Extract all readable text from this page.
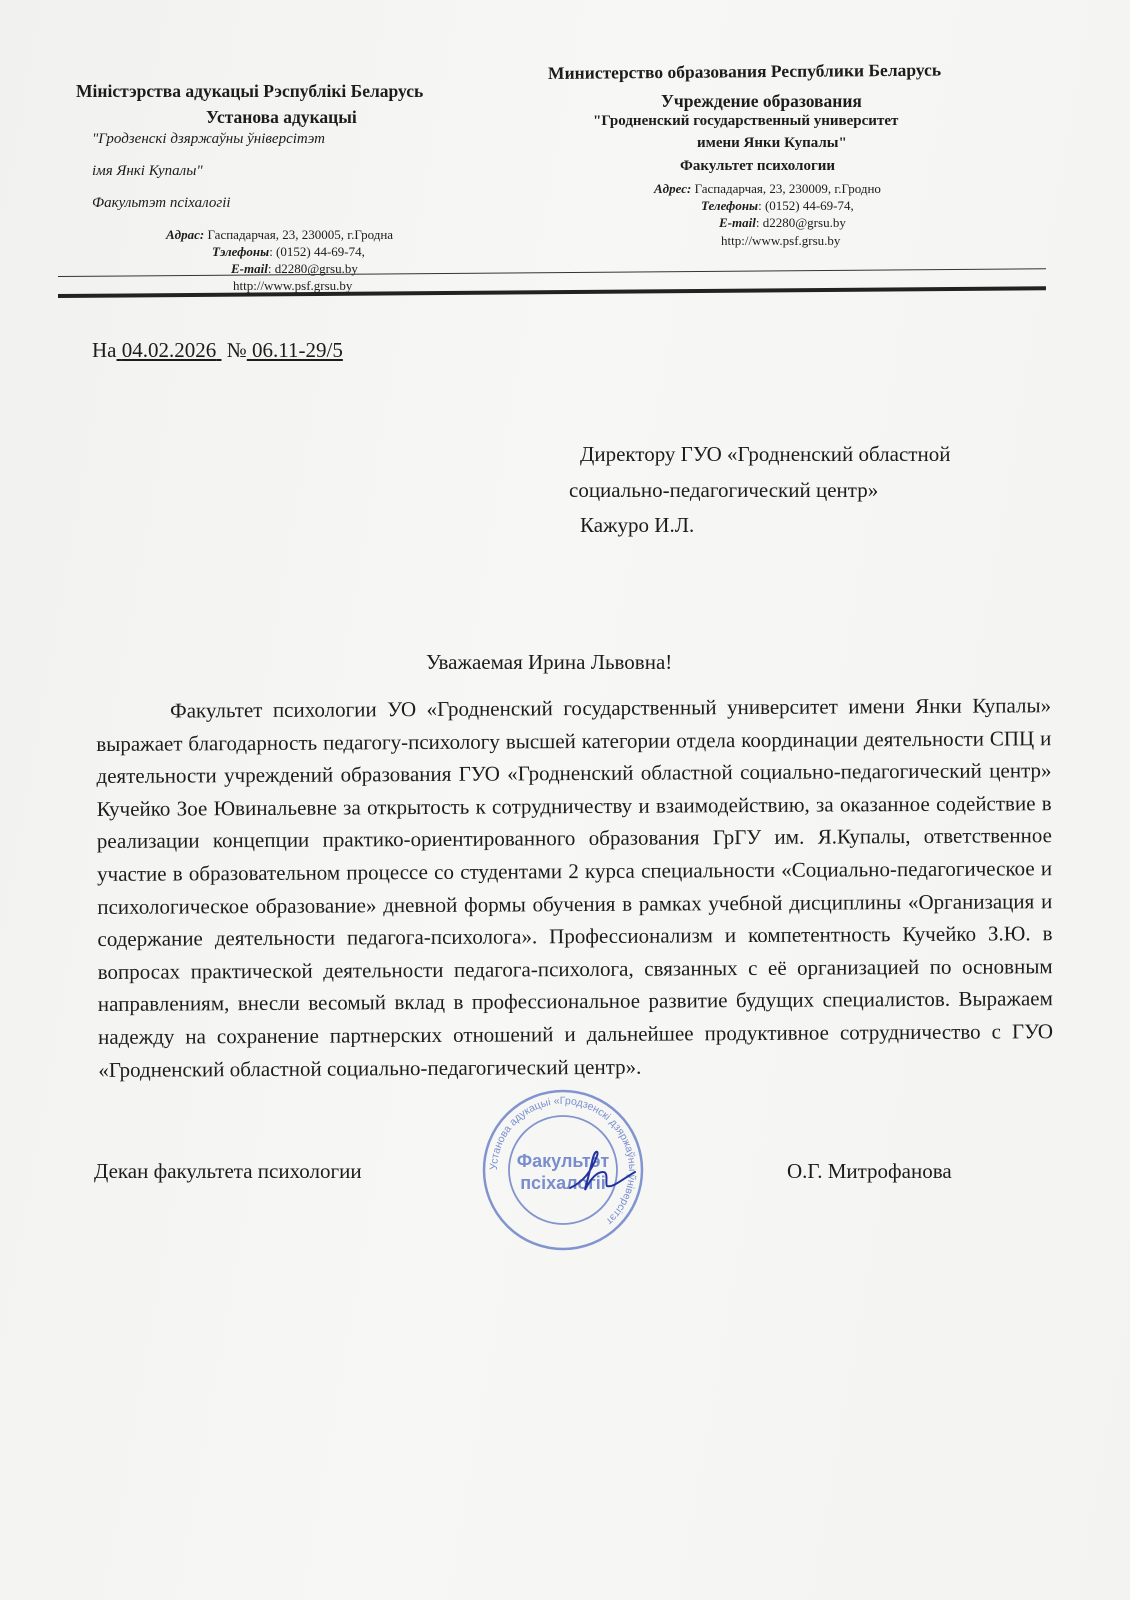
Міністэрства адукацыі Рэспублікі Беларусь
Установа адукацыі
"Гродзенскі дзяржаўны ўніверсітэт
імя Янкі Купалы"
Факультэт псіхалогіі
Адрас: Гаспадарчая, 23, 230005, г.Гродна
Тэлефоны: (0152) 44-69-74,
E-mail: d2280@grsu.by
http://www.psf.grsu.by
Министерство образования Республики Беларусь
Учреждение образования
"Гродненский государственный университет
имени Янки Купалы"
Факультет психологии
Адрес: Гаспадарчая, 23, 230009, г.Гродно
Телефоны: (0152) 44-69-74,
E-mail: d2280@grsu.by
http://www.psf.grsu.by
На 04.02.2026 № 06.11-29/5
Директору ГУО «Гродненский областной
социально-педагогический центр»
Кажуро И.Л.
Уважаемая Ирина Львовна!

Факультет психологии УО «Гродненский государственный университет имени Янки Купалы» выражает благодарность педагогу-психологу высшей категории отдела координации деятельности СПЦ и деятельности учреждений образования ГУО «Гродненский областной социально-педагогический центр» Кучейко Зое Ювинальевне за открытость к сотрудничеству и взаимодействию, за оказанное содействие в реализации концепции практико-ориентированного образования ГрГУ им. Я.Купалы, ответственное участие в образовательном процессе со студентами 2 курса специальности «Социально-педагогическое и психологическое образование» дневной формы обучения в рамках учебной дисциплины «Организация и содержание деятельности педагога-психолога». Профессионализм и компетентность Кучейко З.Ю. в вопросах практической деятельности педагога-психолога, связанных с её организацией по основным направлениям, внесли весомый вклад в профессиональное развитие будущих специалистов. Выражаем надежду на сохранение партнерских отношений и дальнейшее продуктивное сотрудничество с ГУО «Гродненский областной социально-педагогический центр».

Установа адукацыі «Гродзенскі дзяржаўны ўніверсітэт
Факультэт
псіхалогіі
Декан факультета психологии	О.Г. Митрофанова
